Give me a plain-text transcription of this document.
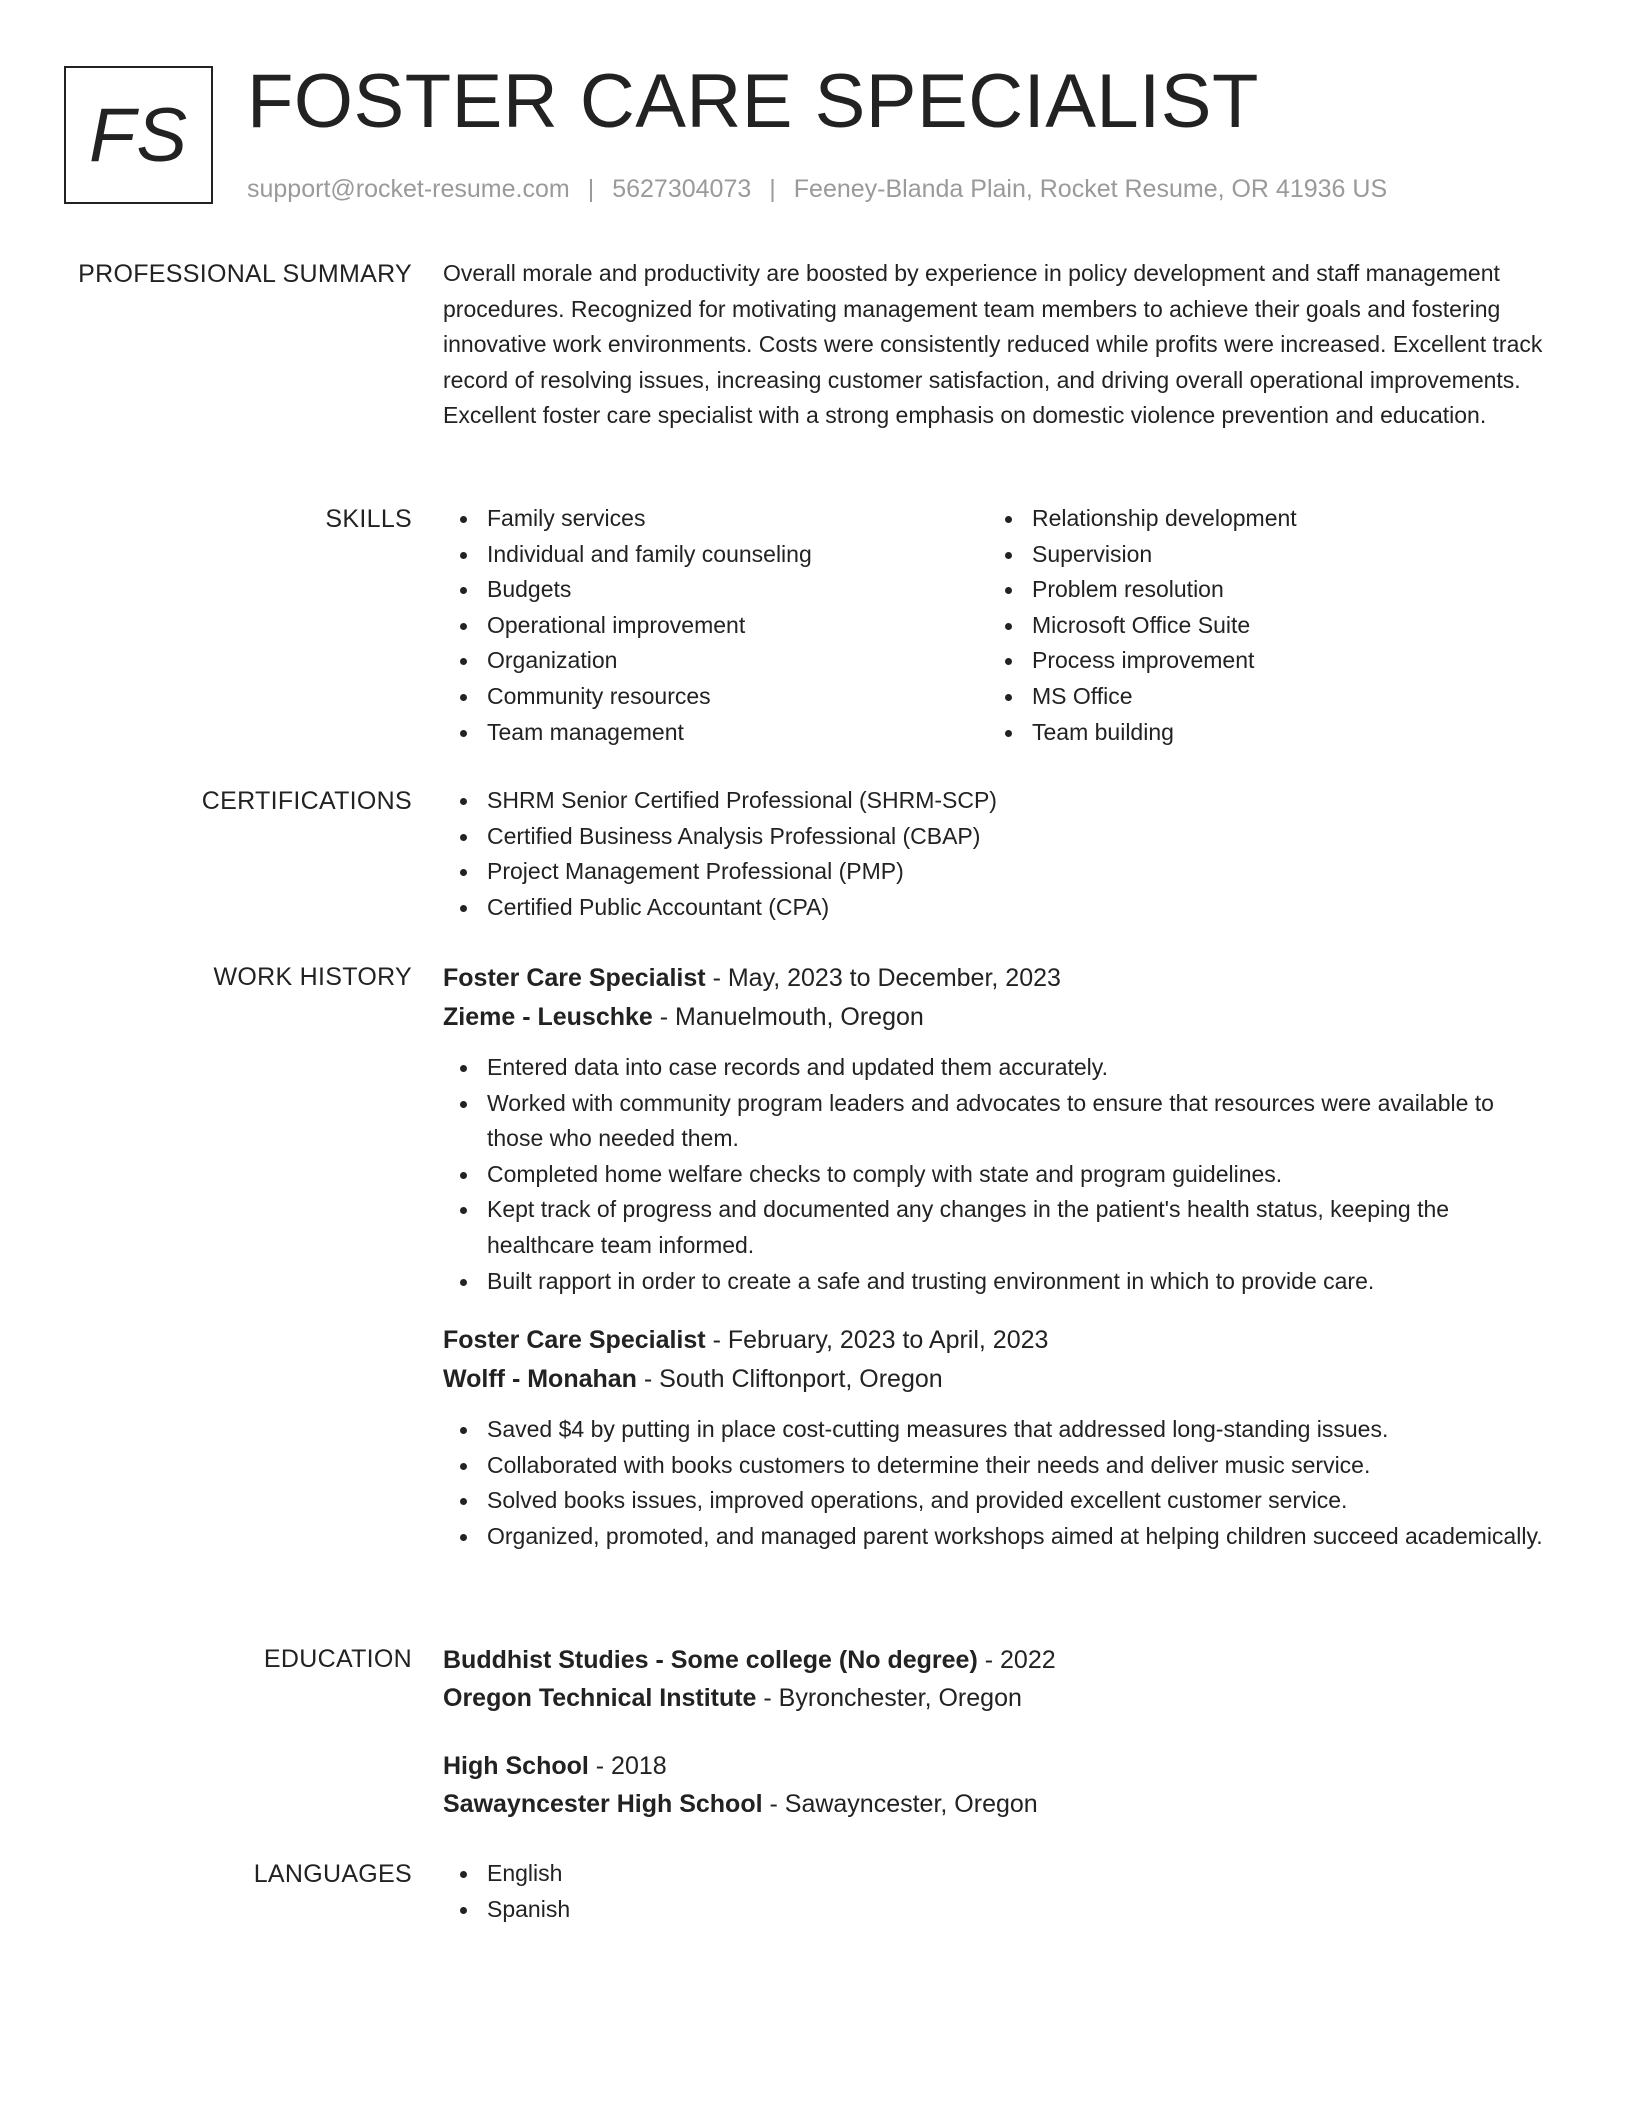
FS FOSTER CARE SPECIALIST
support@rocket-resume.com | 5627304073 | Feeney-Blanda Plain, Rocket Resume, OR 41936 US
PROFESSIONAL SUMMARY Overall morale and productivity are boosted by experience in policy development and staff management procedures. Recognized for motivating management team members to achieve their goals and fostering innovative work environments. Costs were consistently reduced while profits were increased. Excellent track record of resolving issues, increasing customer satisfaction, and driving overall operational improvements. Excellent foster care specialist with a strong emphasis on domestic violence prevention and education.
SKILLS	Family services
Individual and family counseling
Budgets
Operational improvement
Organization
Community resources
Team management
Relationship development
Supervision
Problem resolution
Microsoft Office Suite
Process improvement
MS Office
Team building
CERTIFICATIONS	SHRM Senior Certified Professional (SHRM-SCP)
Certified Business Analysis Professional (CBAP)
Project Management Professional (PMP)
Certified Public Accountant (CPA)
WORK HISTORY Foster Care Specialist - May, 2023 to December, 2023
Zieme - Leuschke - Manuelmouth, Oregon
Entered data into case records and updated them accurately.
Worked with community program leaders and advocates to ensure that resources were available to those who needed them.
Completed home welfare checks to comply with state and program guidelines.
Kept track of progress and documented any changes in the patient's health status, keeping the healthcare team informed.
Built rapport in order to create a safe and trusting environment in which to provide care.
Foster Care Specialist - February, 2023 to April, 2023
Wolff - Monahan - South Cliftonport, Oregon
Saved $4 by putting in place cost-cutting measures that addressed long-standing issues.
Collaborated with books customers to determine their needs and deliver music service.
Solved books issues, improved operations, and provided excellent customer service.
Organized, promoted, and managed parent workshops aimed at helping children succeed academically.
EDUCATION Buddhist Studies - Some college (No degree) - 2022
Oregon Technical Institute - Byronchester, Oregon
High School - 2018
Sawayncester High School - Sawayncester, Oregon
LANGUAGES	English
Spanish
